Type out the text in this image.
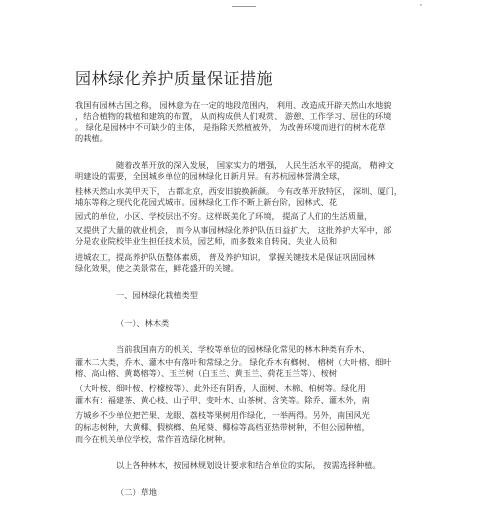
园林绿化养护质量保证措施

我国有园林古国之称， 园林意为在一定的地段范围内， 利用、改造成开辟天然山水地貌

，结合植物的栽植和建筑的布置， 从而构成供人们观赏、 游憩、工作学习、居住的环境

。 绿化是园林中不可缺少的主体， 是指除天然植被外， 为改善环境而进行的树木花草

的栽植。

随着改革开放的深入发展， 国家实力的增强， 人民生活水平的提高， 精神文

明建设的需要，全国城乡单位的园林绿化日新月异。有苏杭园林誉满全球，

桂林天然山水美甲天下， 古都北京，西安旧貌换新颜。 今有改革开放特区， 深圳、厦门，

埔东等称之现代化花园式城市。园林绿化工作不断上新台阶，园林式、花

园式的单位，小区、学校层出不穷。这样既美化了环境， 提高了人们的生活质量，

又提供了大量的就业机会， 而今从事园林绿化养护队伍日益扩大， 这批养护大军中，部

分是农业院校毕业生担任技术员，园艺师，而多数来自转岗、失业人员和

进城农工，提高养护队伍整体素质， 普及养护知识， 掌握关键技术是保证巩固园林

绿化效果，使之美景常在，鲜花盛开的关键。

一、园林绿化栽植类型

（一）、林木类

当前我国南方的机关、学校等单位的园林绿化常见的林木种类有乔木、

灌木二大类，乔木、灌木中有落叶和常绿之分。 绿化乔木有榔树、 榕树（大叶榕、细叶

榕、高山榕、黄葛榕等）、玉兰树（白玉兰、黄玉兰、荷花玉兰等）、桉树

（大叶桉、细叶桉、柠檬桉等）、此外还有阴香，人面树、木棉、柏树等。绿化用

灌木有：福建茶、黄心枝、山子甲、变叶木、山茶树、含笑等。除乔、灌木外，南

方城乡不少单位把芒果、龙眼、荔枝等果树用作绿化，一举两得。另外，南国风光

的标志树种，大黄椰、假槟榔、鱼尾葵、椰棕等高档亚热带树种，不但公园种植，

而今在机关单位学校，常作首选绿化树种。

以上各种林木，按园林规划设计要求和结合单位的实际， 按需选择种植。

（二）草地
